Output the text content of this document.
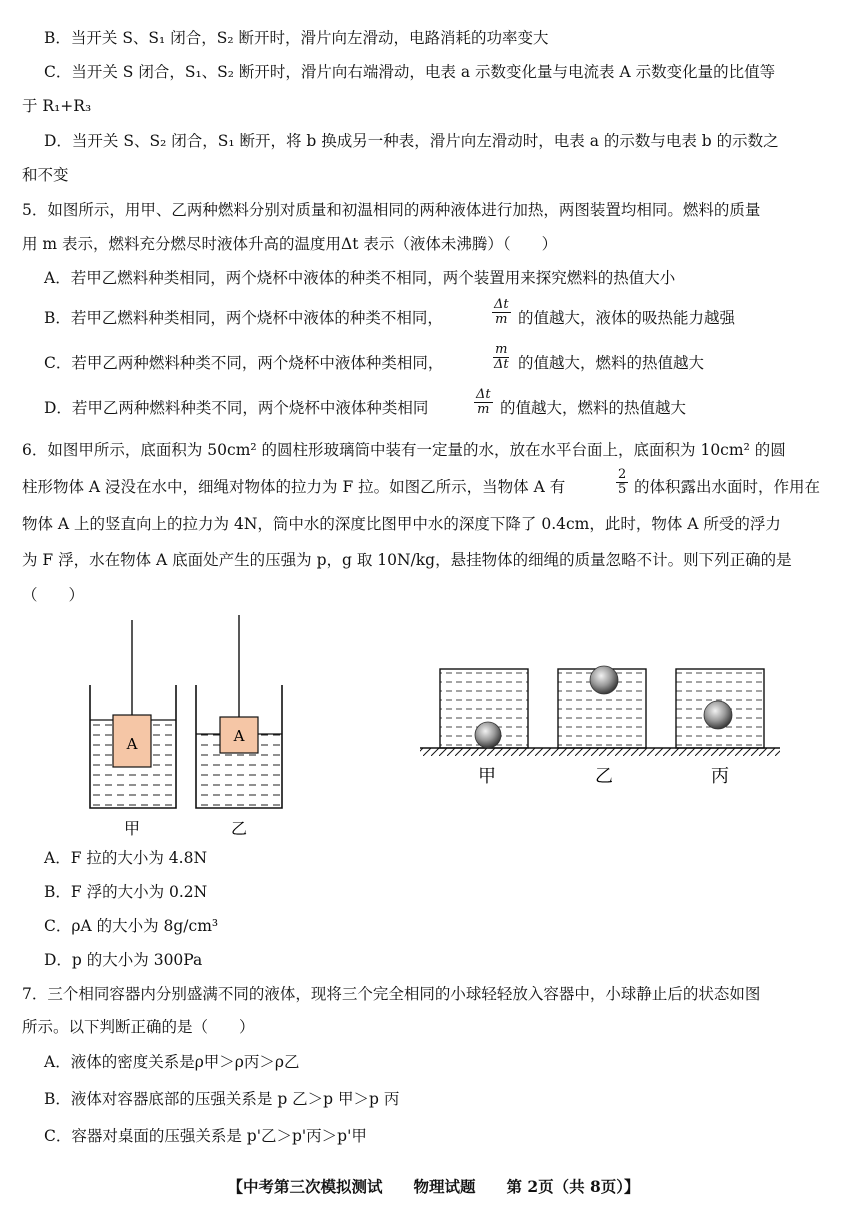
B．当开关 S、S₁ 闭合，S₂ 断开时，滑片向左滑动，电路消耗的功率变大
C．当开关 S 闭合，S₁、S₂ 断开时，滑片向右端滑动，电表 a 示数变化量与电流表 A 示数变化量的比值等
于 R₁+R₃
D．当开关 S、S₂ 闭合，S₁ 断开，将 b 换成另一种表，滑片向左滑动时，电表 a 的示数与电表 b 的示数之
和不变
5．如图所示，用甲、乙两种燃料分别对质量和初温相同的两种液体进行加热，两图装置均相同。燃料的质量
用 m 表示，燃料充分燃尽时液体升高的温度用Δt 表示（液体未沸腾）（　　）
A．若甲乙燃料种类相同，两个烧杯中液体的种类不相同，两个装置用来探究燃料的热值大小
B．若甲乙燃料种类相同，两个烧杯中液体的种类不相同，	$\frac{\Delta t}{m}$ 的值越大，液体的吸热能力越强
C．若甲乙两种燃料种类不同，两个烧杯中液体种类相同，	$\frac{m}{\Delta t}$ 的值越大，燃料的热值越大
D．若甲乙两种燃料种类不同，两个烧杯中液体种类相同	$\frac{\Delta t}{m}$ 的值越大，燃料的热值越大
6．如图甲所示，底面积为 50cm² 的圆柱形玻璃筒中装有一定量的水，放在水平台面上，底面积为 10cm² 的圆
柱形物体 A 浸没在水中，细绳对物体的拉力为 F 拉。如图乙所示，当物体 A 有	$\frac{2}{5}$ 的体积露出水面时，作用在
物体 A 上的竖直向上的拉力为 4N，筒中水的深度比图甲中水的深度下降了 0.4cm，此时，物体 A 所受的浮力
为 F 浮，水在物体 A 底面处产生的压强为 p，g 取 10N/kg，悬挂物体的细绳的质量忽略不计。则下列正确的是
（　　）
A	A
甲	乙
甲	乙	丙
A．F 拉的大小为 4.8N
B．F 浮的大小为 0.2N
C．ρA 的大小为 8g/cm³
D．p 的大小为 300Pa
7．三个相同容器内分别盛满不同的液体，现将三个完全相同的小球轻轻放入容器中，小球静止后的状态如图
所示。以下判断正确的是（　　）
A．液体的密度关系是ρ甲＞ρ丙＞ρ乙
B．液体对容器底部的压强关系是 p 乙＞p 甲＞p 丙
C．容器对桌面的压强关系是 p'乙＞p'丙＞p'甲
【中考第三次模拟测试　　物理试题　　第 2页（共 8页）】
